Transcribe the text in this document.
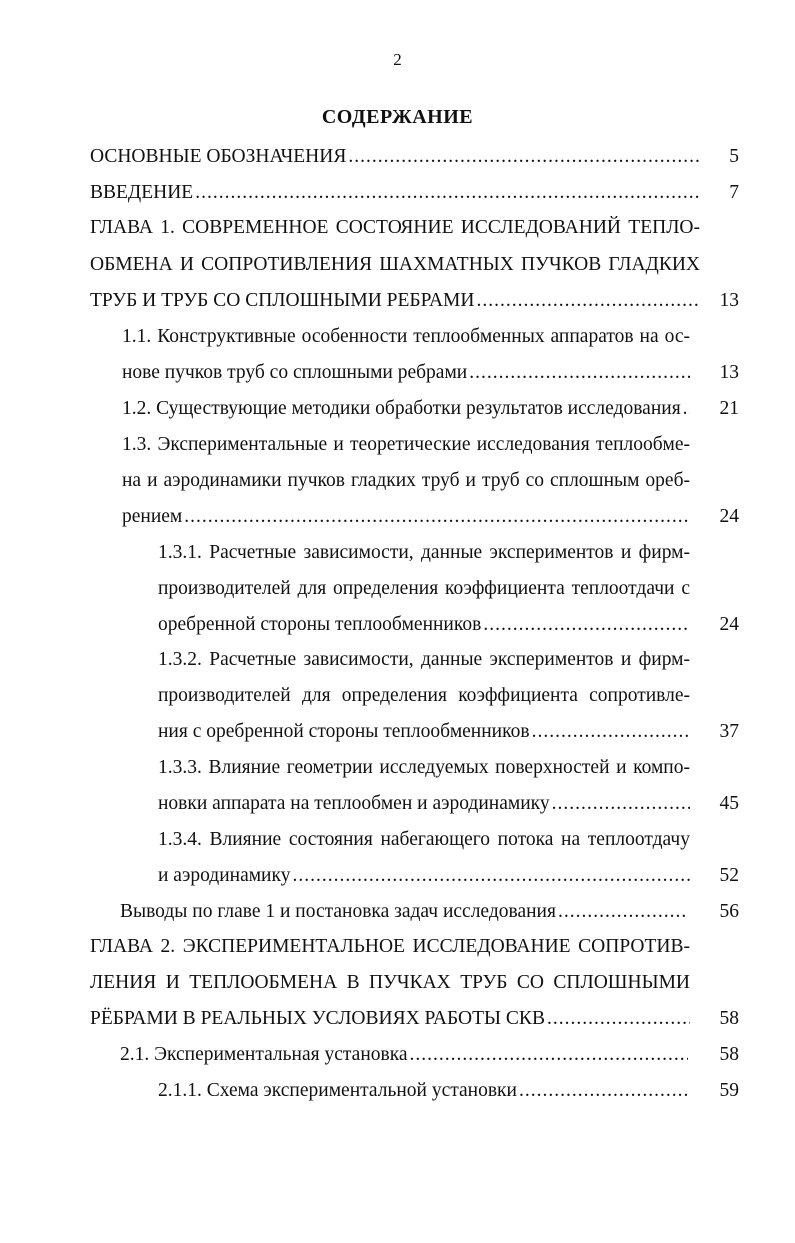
2
СОДЕРЖАНИЕ
ОСНОВНЫЕ ОБОЗНАЧЕНИЯ .....	5
ВВЕДЕНИЕ .....	7
ГЛАВА 1. СОВРЕМЕННОЕ СОСТОЯНИЕ ИССЛЕДОВАНИЙ ТЕПЛО-
ОБМЕНА И СОПРОТИВЛЕНИЯ ШАХМАТНЫХ ПУЧКОВ ГЛАДКИХ
ТРУБ И ТРУБ СО СПЛОШНЫМИ РЕБРАМИ .....	13
1.1. Конструктивные особенности теплообменных аппаратов на ос-
нове пучков труб со сплошными ребрами .....	13
1.2. Существующие методики обработки результатов исследования ..... 21
1.3. Экспериментальные и теоретические исследования теплообме-
на и аэродинамики пучков гладких труб и труб со сплошным ореб-
рением .....	24
1.3.1. Расчетные зависимости, данные экспериментов и фирм-
производителей для определения коэффициента теплоотдачи с
оребренной стороны теплообменников .....	24
1.3.2. Расчетные зависимости, данные экспериментов и фирм-
производителей для определения коэффициента сопротивле-
ния с оребренной стороны теплообменников .....	37
1.3.3. Влияние геометрии исследуемых поверхностей и компо-
новки аппарата на теплообмен и аэродинамику .....	45
1.3.4. Влияние состояния набегающего потока на теплоотдачу
и аэродинамику .....	52
Выводы по главе 1 и постановка задач исследования .....	56
ГЛАВА 2. ЭКСПЕРИМЕНТАЛЬНОЕ ИССЛЕДОВАНИЕ СОПРОТИВ-
ЛЕНИЯ И ТЕПЛООБМЕНА В ПУЧКАХ ТРУБ СО СПЛОШНЫМИ
РЁБРАМИ В РЕАЛЬНЫХ УСЛОВИЯХ РАБОТЫ СКВ .....	58
2.1. Экспериментальная установка .....	58
2.1.1. Схема экспериментальной установки .....	59
